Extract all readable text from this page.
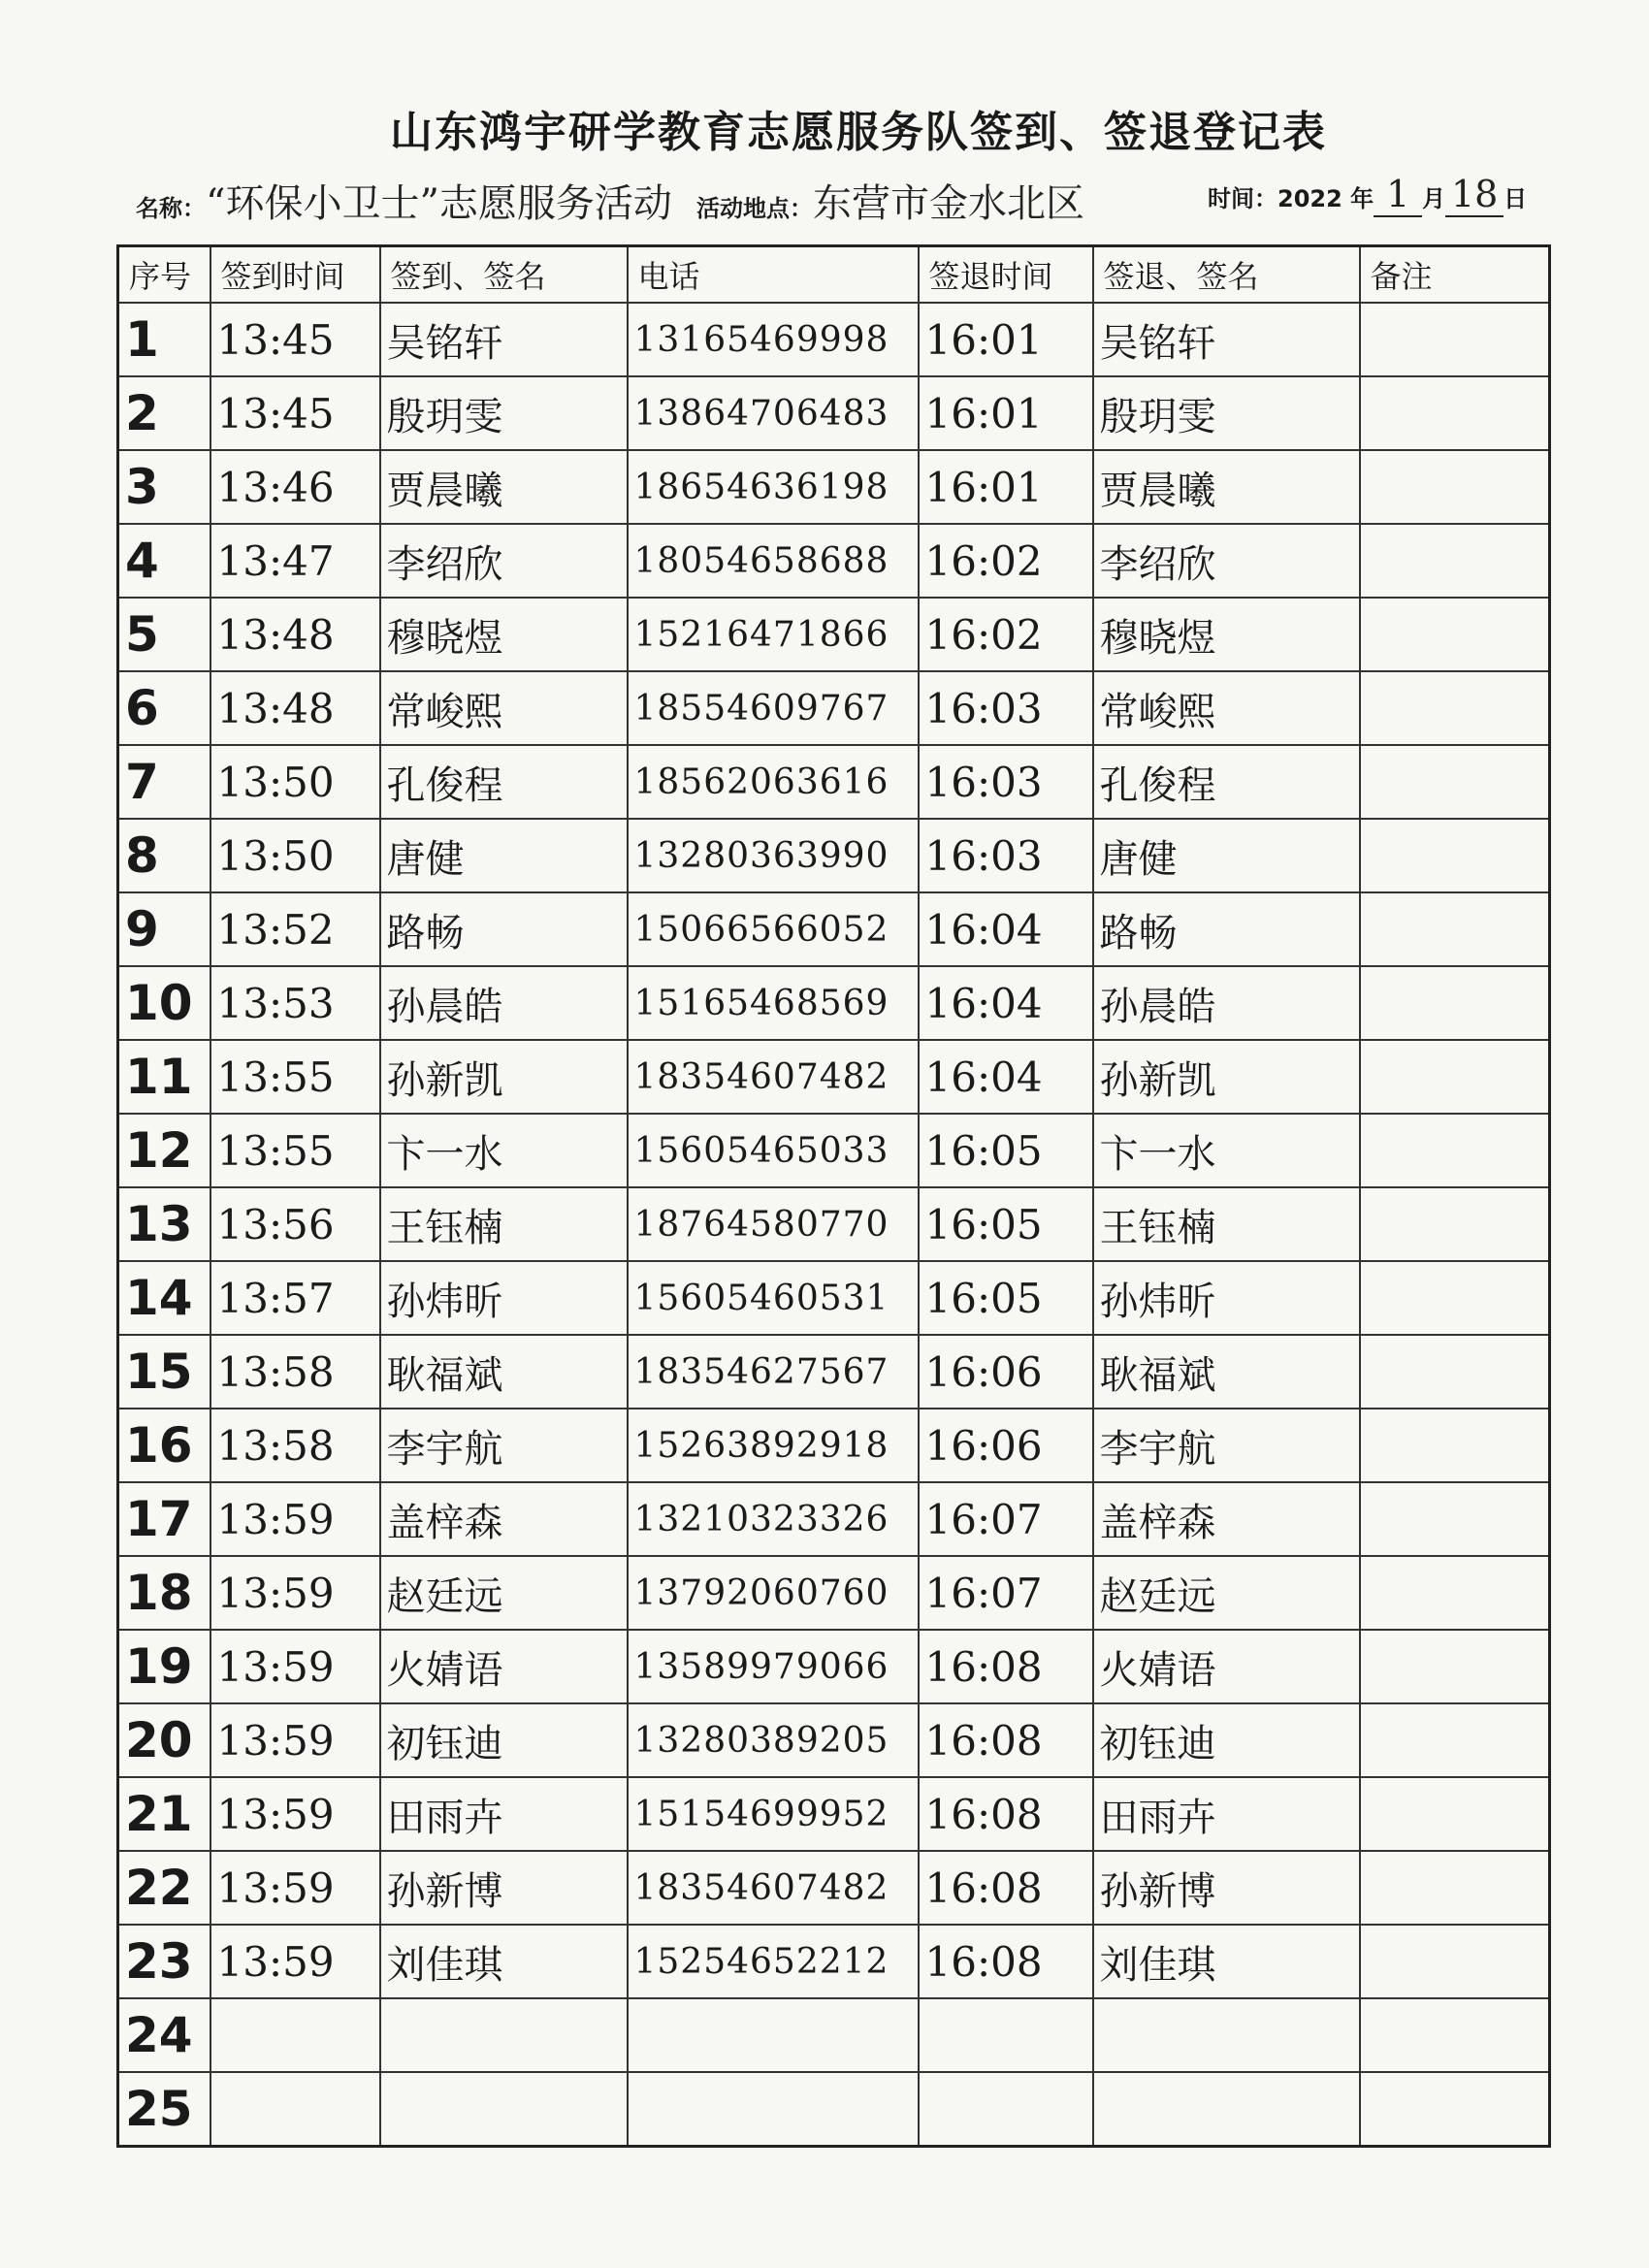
山东鸿宇研学教育志愿服务队签到、签退登记表
名称：“环保小卫士”志愿服务活动 活动地点：东营市金水北区	时间：2022 年 1 月 18 日
序号	签到时间	签到、签名	电话	签退时间	签退、签名	备注
1	13:45	吴铭轩	13165469998	16:01	吴铭轩	
2	13:45	殷玥雯	13864706483	16:01	殷玥雯	
3	13:46	贾晨曦	18654636198	16:01	贾晨曦	
4	13:47	李绍欣	18054658688	16:02	李绍欣	
5	13:48	穆晓煜	15216471866	16:02	穆晓煜	
6	13:48	常峻熙	18554609767	16:03	常峻熙	
7	13:50	孔俊程	18562063616	16:03	孔俊程	
8	13:50	唐健	13280363990	16:03	唐健	
9	13:52	路畅	15066566052	16:04	路畅	
10	13:53	孙晨皓	15165468569	16:04	孙晨皓	
11	13:55	孙新凯	18354607482	16:04	孙新凯	
12	13:55	卞一水	15605465033	16:05	卞一水	
13	13:56	王钰楠	18764580770	16:05	王钰楠	
14	13:57	孙炜昕	15605460531	16:05	孙炜昕	
15	13:58	耿福斌	18354627567	16:06	耿福斌	
16	13:58	李宇航	15263892918	16:06	李宇航	
17	13:59	盖梓森	13210323326	16:07	盖梓森	
18	13:59	赵廷远	13792060760	16:07	赵廷远	
19	13:59	火婧语	13589979066	16:08	火婧语	
20	13:59	初钰迪	13280389205	16:08	初钰迪	
21	13:59	田雨卉	15154699952	16:08	田雨卉	
22	13:59	孙新博	18354607482	16:08	孙新博	
23	13:59	刘佳琪	15254652212	16:08	刘佳琪	
24						
25						
